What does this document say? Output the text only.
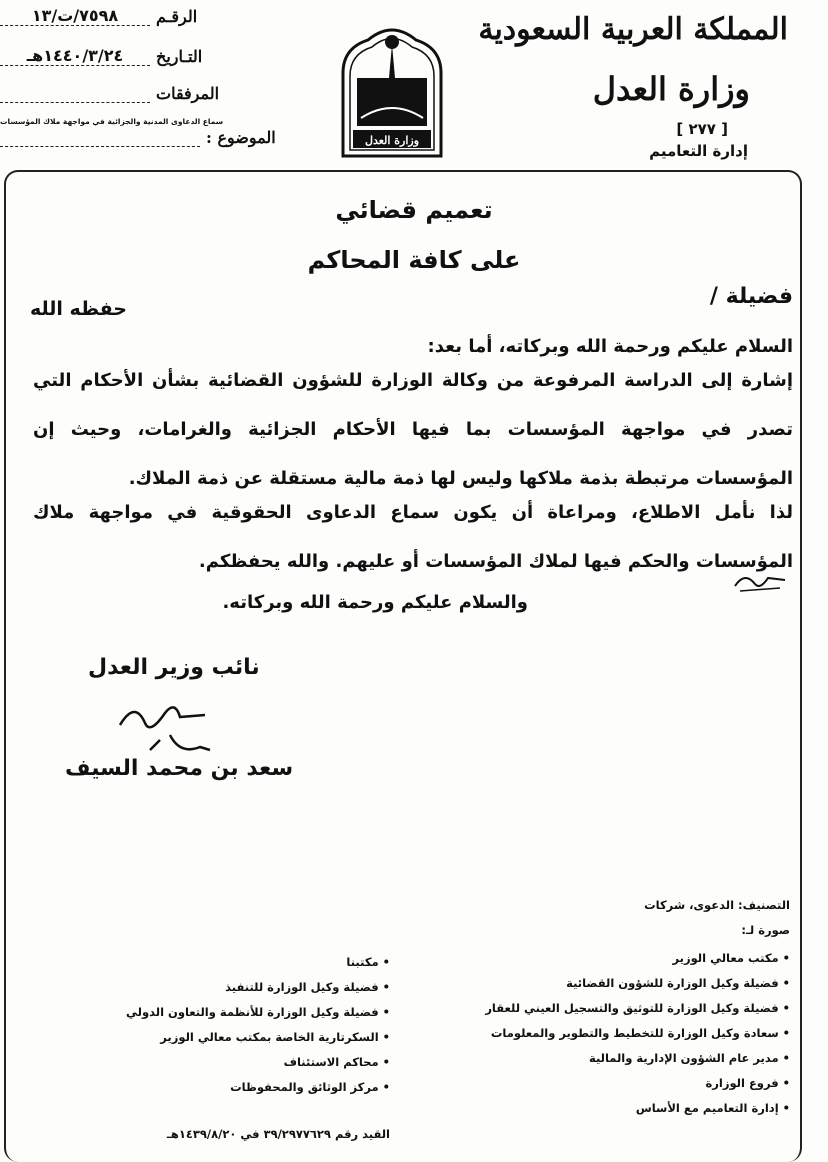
المملكة العربية السعودية
وزارة العدل
[ ٢٧٧ ]
إدارة التعاميم
وزارة العدل
الرقـم
٧٥٩٨/ت/١٣
التـاريخ
١٤٤٠/٣/٢٤هـ
المرفقات
سماع الدعاوى المدنية والجزائية في مواجهة ملاك المؤسسات
الموضوع :
تعميم قضائي
على كافة المحاكم
فضيلة /
حفظه الله
السلام عليكم ورحمة الله وبركاته، أما بعد:
إشارة إلى الدراسة المرفوعة من وكالة الوزارة للشؤون القضائية بشأن الأحكام التي تصدر في مواجهة المؤسسات بما فيها الأحكام الجزائية والغرامات، وحيث إن المؤسسات مرتبطة بذمة ملاكها وليس لها ذمة مالية مستقلة عن ذمة الملاك.
لذا نأمل الاطلاع، ومراعاة أن يكون سماع الدعاوى الحقوقية في مواجهة ملاك المؤسسات والحكم فيها لملاك المؤسسات أو عليهم. والله يحفظكم.
والسلام عليكم ورحمة الله وبركاته.
نائب وزير العدل
سعد بن محمد السيف
التصنيف: الدعوى، شركات
صورة لـ:
• مكتب معالي الوزير
• فضيلة وكيل الوزارة للشؤون القضائية
• فضيلة وكيل الوزارة للتوثيق والتسجيل العيني للعقار
• سعادة وكيل الوزارة للتخطيط والتطوير والمعلومات
• مدير عام الشؤون الإدارية والمالية
• فروع الوزارة
• إدارة التعاميم مع الأساس
• مكتبنا
• فضيلة وكيل الوزارة للتنفيذ
• فضيلة وكيل الوزارة للأنظمة والتعاون الدولي
• السكرتارية الخاصة بمكتب معالي الوزير
• محاكم الاستئناف
• مركز الوثائق والمحفوظات
القيد رقم ٣٩/٢٩٧٧٦٢٩ في ١٤٣٩/٨/٢٠هـ
